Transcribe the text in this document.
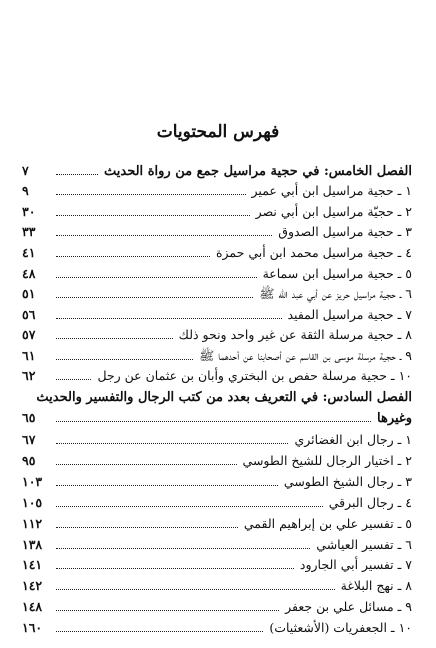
فهرس المحتويات
٧	الفصل الخامس: في حجية مراسيل جمع من رواة الحديث
٩	١ ـ حجية مراسيل ابن أبي عمير
٣٠	٢ ـ حجيّة مراسيل ابن أبي نصر
٣٣	٣ ـ حجية مراسيل الصدوق
٤١	٤ ـ حجية مراسيل محمد ابن أبي حمزة
٤٨	٥ ـ حجية مراسيل ابن سماعة
٥١	٦ ـ حجية مراسيل حريز عن أبي عبد الله ﷺ
٥٦	٧ ـ حجية مراسيل المفيد
٥٧	٨ ـ حجية مرسلة الثقة عن غير واحد ونحو ذلك
٦١	٩ ـ حجية مرسلة موسى بن القاسم عن أصحابنا عن أحدهما ﷺ
٦٢	١٠ ـ حجية مرسلة حفص بن البختري وأبان بن عثمان عن رجل
الفصل السادس: في التعريف بعدد من كتب الرجال والتفسير والحديث
٦٥	وغيرها
٦٧	١ ـ رجال ابن الغضائري
٩٥	٢ ـ اختيار الرجال للشيخ الطوسي
١٠٣	٣ ـ رجال الشيخ الطوسي
١٠٥	٤ ـ رجال البرقي
١١٢	٥ ـ تفسير علي بن إبراهيم القمي
١٣٨	٦ ـ تفسير العياشي
١٤١	٧ ـ تفسير أبي الجارود
١٤٢	٨ ـ نهج البلاغة
١٤٨	٩ ـ مسائل علي بن جعفر
١٦٠	١٠ ـ الجعفريات (الأشعثيات)
